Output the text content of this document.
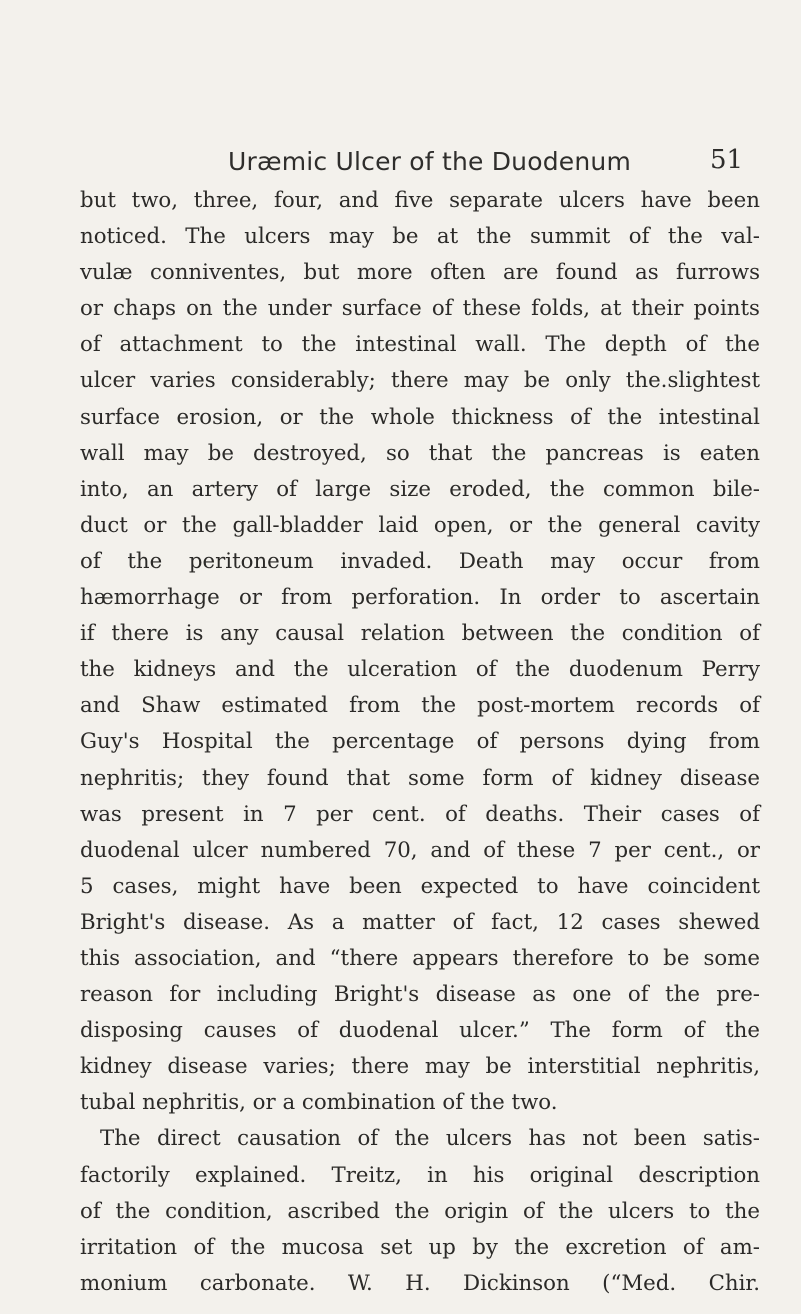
Uræmic Ulcer of the Duodenum	51
but two, three, four, and five separate ulcers have been
noticed. The ulcers may be at the summit of the val-
vulæ conniventes, but more often are found as furrows
or chaps on the under surface of these folds, at their points
of attachment to the intestinal wall. The depth of the
ulcer varies considerably; there may be only the.slightest
surface erosion, or the whole thickness of the intestinal
wall may be destroyed, so that the pancreas is eaten
into, an artery of large size eroded, the common bile-
duct or the gall-bladder laid open, or the general cavity
of the peritoneum invaded. Death may occur from
hæmorrhage or from perforation. In order to ascertain
if there is any causal relation between the condition of
the kidneys and the ulceration of the duodenum Perry
and Shaw estimated from the post-mortem records of
Guy's Hospital the percentage of persons dying from
nephritis; they found that some form of kidney disease
was present in 7 per cent. of deaths. Their cases of
duodenal ulcer numbered 70, and of these 7 per cent., or
5 cases, might have been expected to have coincident
Bright's disease. As a matter of fact, 12 cases shewed
this association, and “there appears therefore to be some
reason for including Bright's disease as one of the pre-
disposing causes of duodenal ulcer.” The form of the
kidney disease varies; there may be interstitial nephritis,
tubal nephritis, or a combination of the two.
The direct causation of the ulcers has not been satis-
factorily explained. Treitz, in his original description
of the condition, ascribed the origin of the ulcers to the
irritation of the mucosa set up by the excretion of am-
monium carbonate. W. H. Dickinson (“Med. Chir.
